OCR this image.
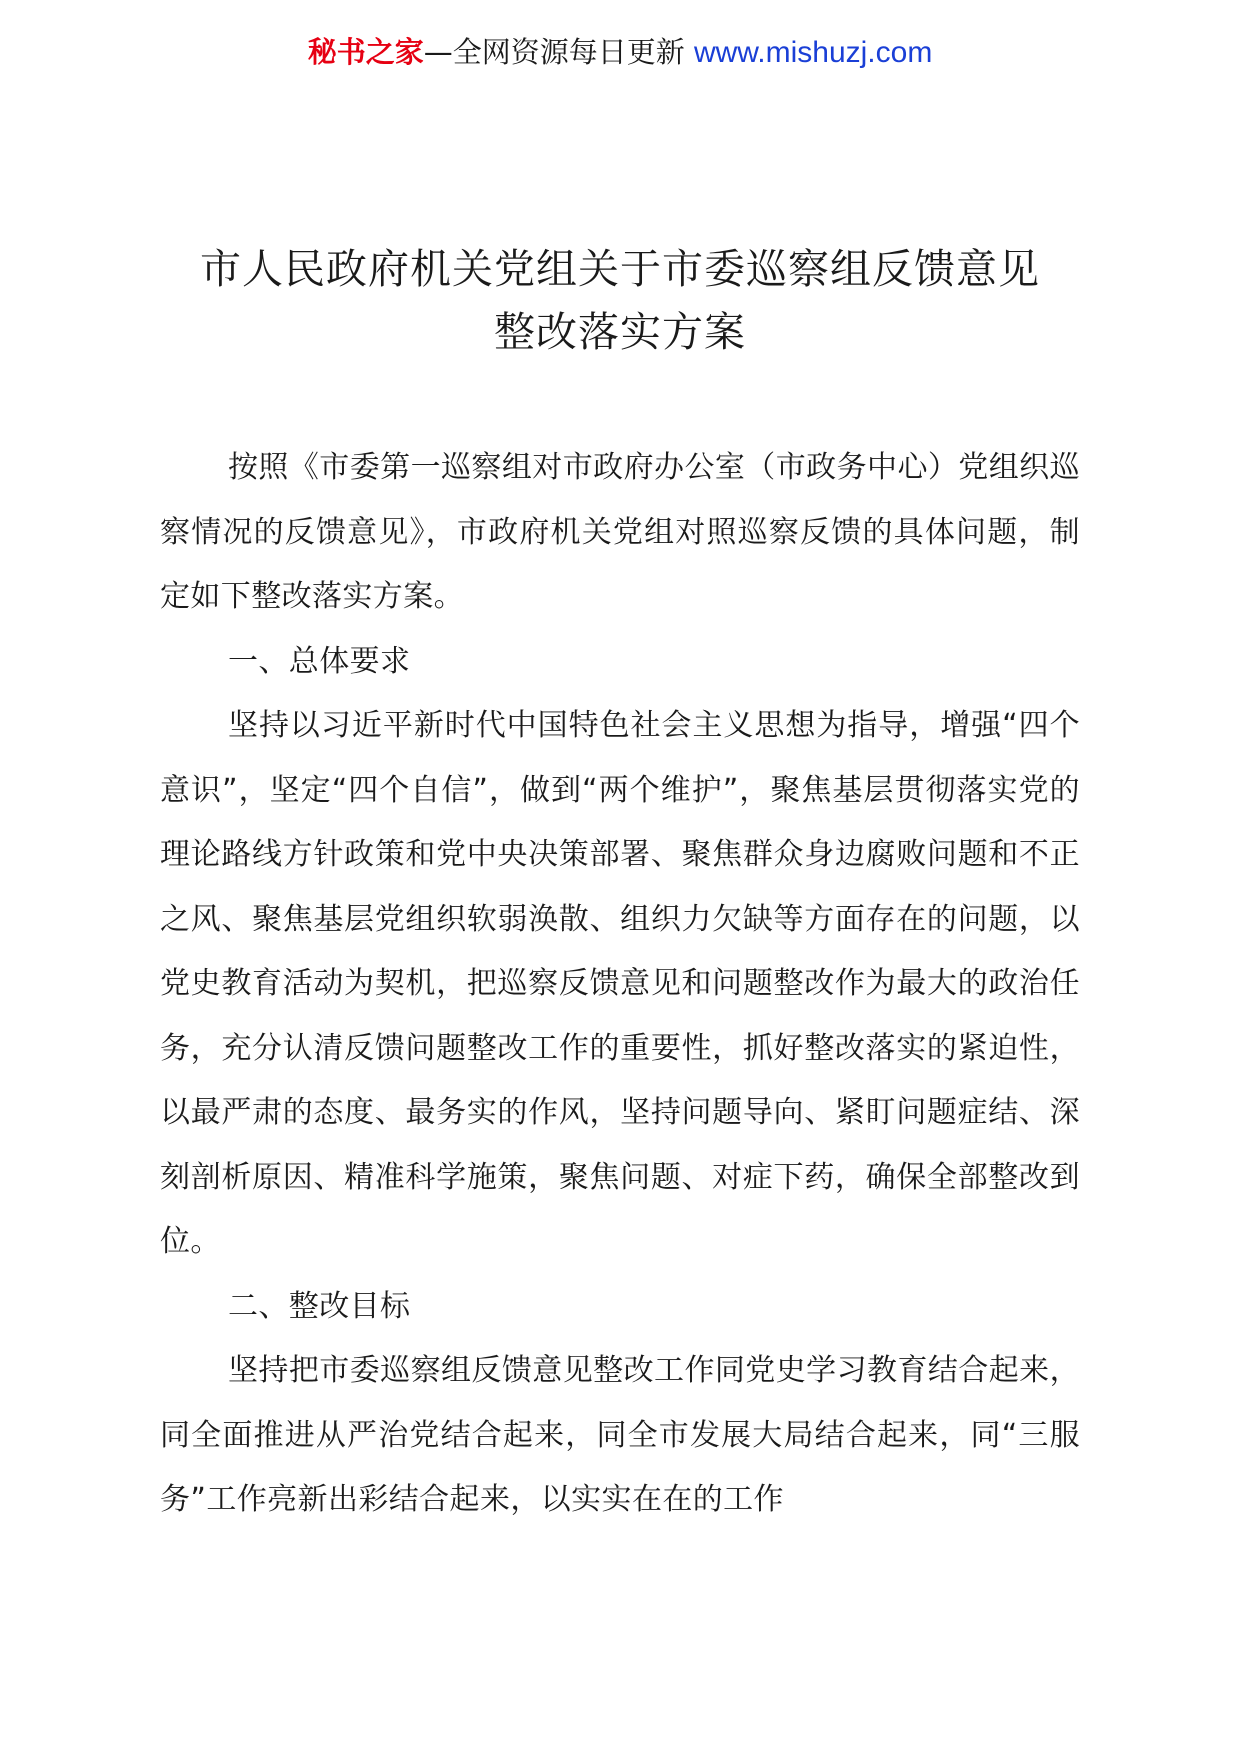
秘书之家—全网资源每日更新 www.mishuzj.com
市人民政府机关党组关于市委巡察组反馈意见
整改落实方案

按照《市委第一巡察组对市政府办公室（市政务中心）党组织巡察情况的反馈意见》，市政府机关党组对照巡察反馈的具体问题，制定如下整改落实方案。

一、总体要求

坚持以习近平新时代中国特色社会主义思想为指导，增强“四个意识”，坚定“四个自信”，做到“两个维护”，聚焦基层贯彻落实党的理论路线方针政策和党中央决策部署、聚焦群众身边腐败问题和不正之风、聚焦基层党组织软弱涣散、组织力欠缺等方面存在的问题，以党史教育活动为契机，把巡察反馈意见和问题整改作为最大的政治任务，充分认清反馈问题整改工作的重要性，抓好整改落实的紧迫性，以最严肃的态度、最务实的作风，坚持问题导向、紧盯问题症结、深刻剖析原因、精准科学施策，聚焦问题、对症下药，确保全部整改到位。

二、整改目标

坚持把市委巡察组反馈意见整改工作同党史学习教育结合起来，同全面推进从严治党结合起来，同全市发展大局结合起来，同“三服务”工作亮新出彩结合起来，以实实在在的工作
